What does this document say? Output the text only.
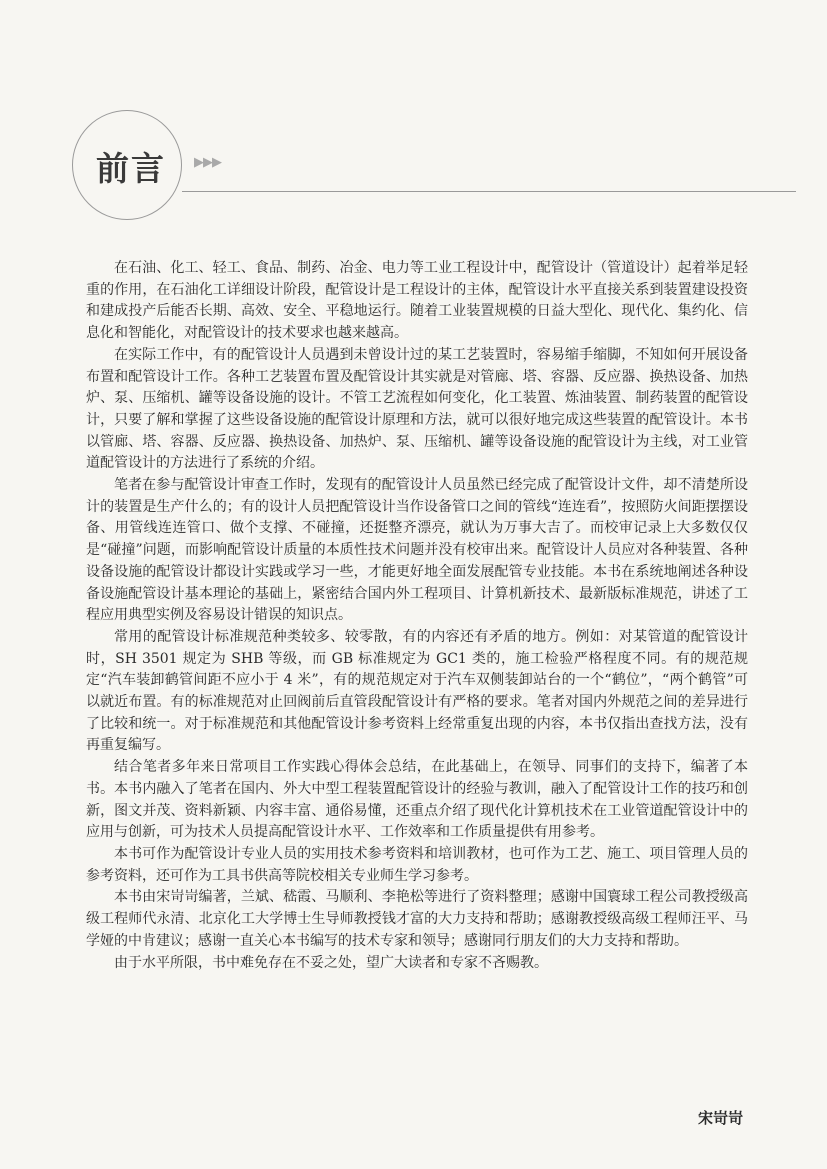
前言 ▶▶▶

在石油、化工、轻工、食品、制药、冶金、电力等工业工程设计中，配管设计（管道设计）起着举足轻重的作用，在石油化工详细设计阶段，配管设计是工程设计的主体，配管设计水平直接关系到装置建设投资和建成投产后能否长期、高效、安全、平稳地运行。随着工业装置规模的日益大型化、现代化、集约化、信息化和智能化，对配管设计的技术要求也越来越高。

在实际工作中，有的配管设计人员遇到未曾设计过的某工艺装置时，容易缩手缩脚，不知如何开展设备布置和配管设计工作。各种工艺装置布置及配管设计其实就是对管廊、塔、容器、反应器、换热设备、加热炉、泵、压缩机、罐等设备设施的设计。不管工艺流程如何变化，化工装置、炼油装置、制药装置的配管设计，只要了解和掌握了这些设备设施的配管设计原理和方法，就可以很好地完成这些装置的配管设计。本书以管廊、塔、容器、反应器、换热设备、加热炉、泵、压缩机、罐等设备设施的配管设计为主线，对工业管道配管设计的方法进行了系统的介绍。

笔者在参与配管设计审查工作时，发现有的配管设计人员虽然已经完成了配管设计文件，却不清楚所设计的装置是生产什么的；有的设计人员把配管设计当作设备管口之间的管线“连连看”，按照防火间距摆摆设备、用管线连连管口、做个支撑、不碰撞，还挺整齐漂亮，就认为万事大吉了。而校审记录上大多数仅仅是“碰撞”问题，而影响配管设计质量的本质性技术问题并没有校审出来。配管设计人员应对各种装置、各种设备设施的配管设计都设计实践或学习一些，才能更好地全面发展配管专业技能。本书在系统地阐述各种设备设施配管设计基本理论的基础上，紧密结合国内外工程项目、计算机新技术、最新版标准规范，讲述了工程应用典型实例及容易设计错误的知识点。

常用的配管设计标准规范种类较多、较零散，有的内容还有矛盾的地方。例如：对某管道的配管设计时，SH 3501 规定为 SHB 等级，而 GB 标准规定为 GC1 类的，施工检验严格程度不同。有的规范规定“汽车装卸鹤管间距不应小于 4 米”，有的规范规定对于汽车双侧装卸站台的一个“鹤位”，“两个鹤管”可以就近布置。有的标准规范对止回阀前后直管段配管设计有严格的要求。笔者对国内外规范之间的差异进行了比较和统一。对于标准规范和其他配管设计参考资料上经常重复出现的内容，本书仅指出查找方法，没有再重复编写。

结合笔者多年来日常项目工作实践心得体会总结，在此基础上，在领导、同事们的支持下，编著了本书。本书内融入了笔者在国内、外大中型工程装置配管设计的经验与教训，融入了配管设计工作的技巧和创新，图文并茂、资料新颖、内容丰富、通俗易懂，还重点介绍了现代化计算机技术在工业管道配管设计中的应用与创新，可为技术人员提高配管设计水平、工作效率和工作质量提供有用参考。

本书可作为配管设计专业人员的实用技术参考资料和培训教材，也可作为工艺、施工、项目管理人员的参考资料，还可作为工具书供高等院校相关专业师生学习参考。

本书由宋岢岢编著，兰斌、嵇霞、马顺利、李艳松等进行了资料整理；感谢中国寰球工程公司教授级高级工程师代永清、北京化工大学博士生导师教授钱才富的大力支持和帮助；感谢教授级高级工程师汪平、马学娅的中肯建议；感谢一直关心本书编写的技术专家和领导；感谢同行朋友们的大力支持和帮助。

由于水平所限，书中难免存在不妥之处，望广大读者和专家不吝赐教。

宋岢岢
